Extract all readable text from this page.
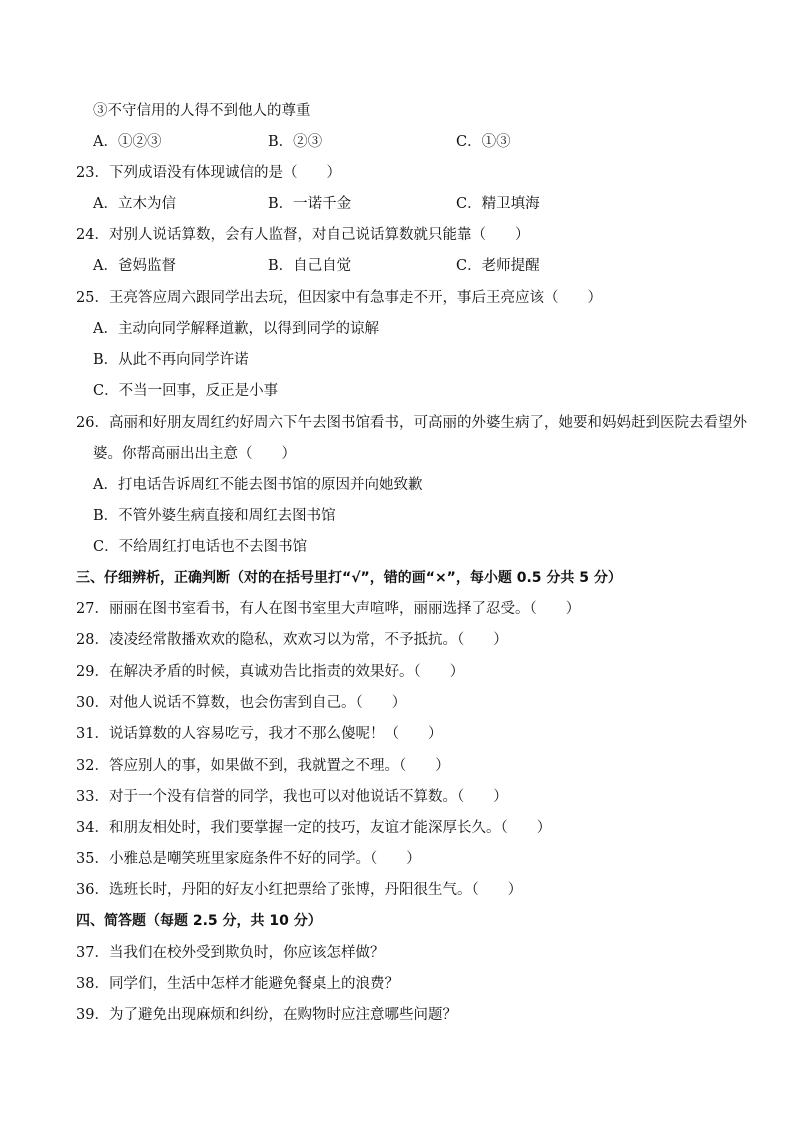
③不守信用的人得不到他人的尊重
A．①②③	B．②③	C．①③
23．下列成语没有体现诚信的是（　　）
A．立木为信	B．一诺千金	C．精卫填海
24．对别人说话算数，会有人监督，对自己说话算数就只能靠（　　）
A．爸妈监督	B．自己自觉	C．老师提醒
25．王亮答应周六跟同学出去玩，但因家中有急事走不开，事后王亮应该（　　）
A．主动向同学解释道歉，以得到同学的谅解
B．从此不再向同学许诺
C．不当一回事，反正是小事
26．高丽和好朋友周红约好周六下午去图书馆看书，可高丽的外婆生病了，她要和妈妈赶到医院去看望外
婆。你帮高丽出出主意（　　）
A．打电话告诉周红不能去图书馆的原因并向她致歉
B．不管外婆生病直接和周红去图书馆
C．不给周红打电话也不去图书馆
三、仔细辨析，正确判断（对的在括号里打“√”，错的画“×”，每小题 0.5 分共 5 分）
27．丽丽在图书室看书，有人在图书室里大声喧哗，丽丽选择了忍受。（　　）
28．凌凌经常散播欢欢的隐私，欢欢习以为常，不予抵抗。（　　）
29．在解决矛盾的时候，真诚劝告比指责的效果好。（　　）
30．对他人说话不算数，也会伤害到自己。（　　）
31．说话算数的人容易吃亏，我才不那么傻呢！（　　）
32．答应别人的事，如果做不到，我就置之不理。（　　）
33．对于一个没有信誉的同学，我也可以对他说话不算数。（　　）
34．和朋友相处时，我们要掌握一定的技巧，友谊才能深厚长久。（　　）
35．小雅总是嘲笑班里家庭条件不好的同学。（　　）
36．选班长时，丹阳的好友小红把票给了张博，丹阳很生气。（　　）
四、简答题（每题 2.5 分，共 10 分）
37．当我们在校外受到欺负时，你应该怎样做？
38．同学们，生活中怎样才能避免餐桌上的浪费？
39．为了避免出现麻烦和纠纷，在购物时应注意哪些问题？
